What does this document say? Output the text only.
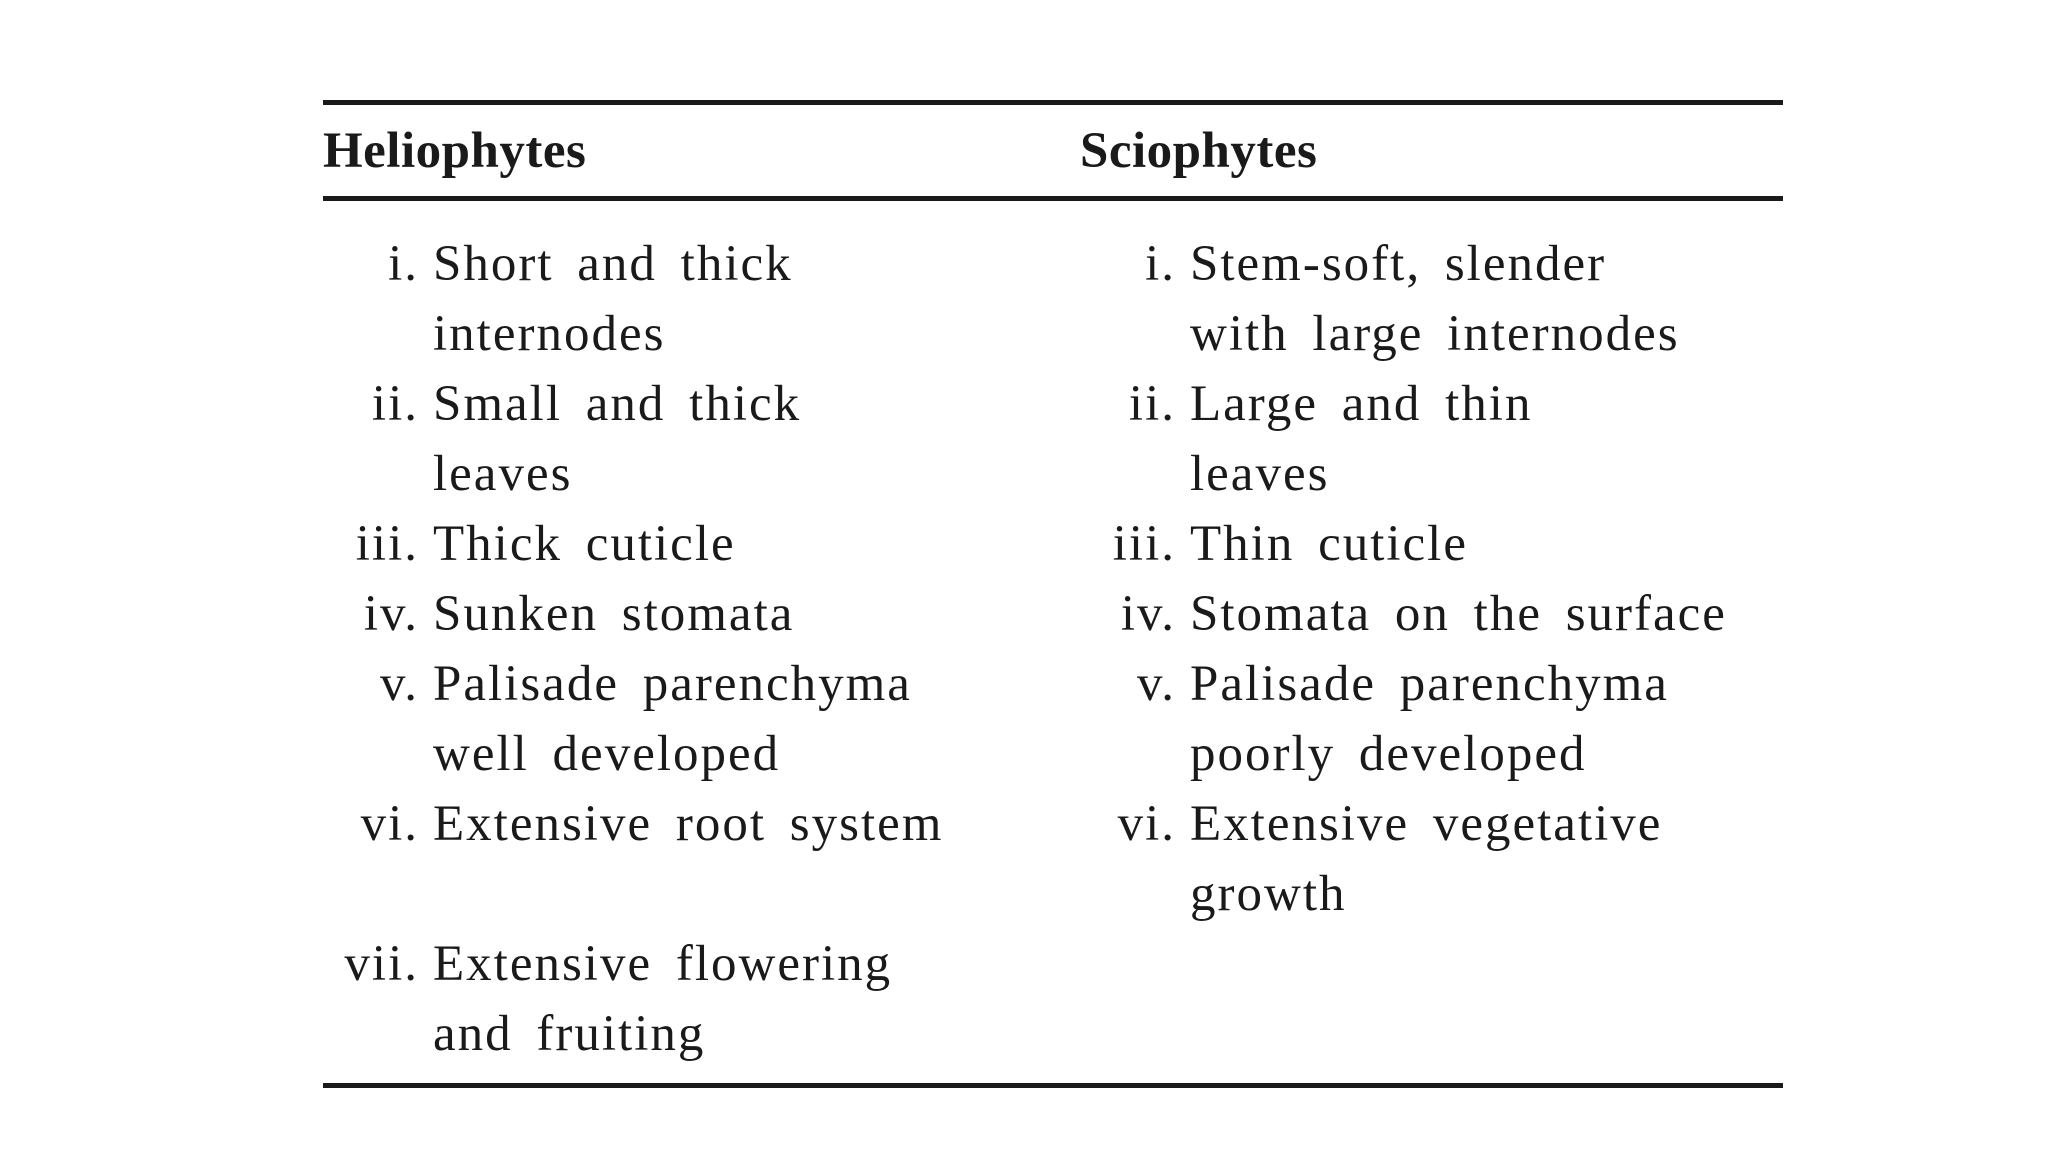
Heliophytes	Sciophytes
i. Short and thick
internodes
ii. Small and thick
leaves
iii. Thick cuticle
iv. Sunken stomata
v. Palisade parenchyma
well developed
vi. Extensive root system
vii. Extensive flowering
and fruiting
i. Stem-soft, slender
with large internodes
ii. Large and thin
leaves
iii. Thin cuticle
iv. Stomata on the surface
v. Palisade parenchyma
poorly developed
vi. Extensive vegetative
growth
